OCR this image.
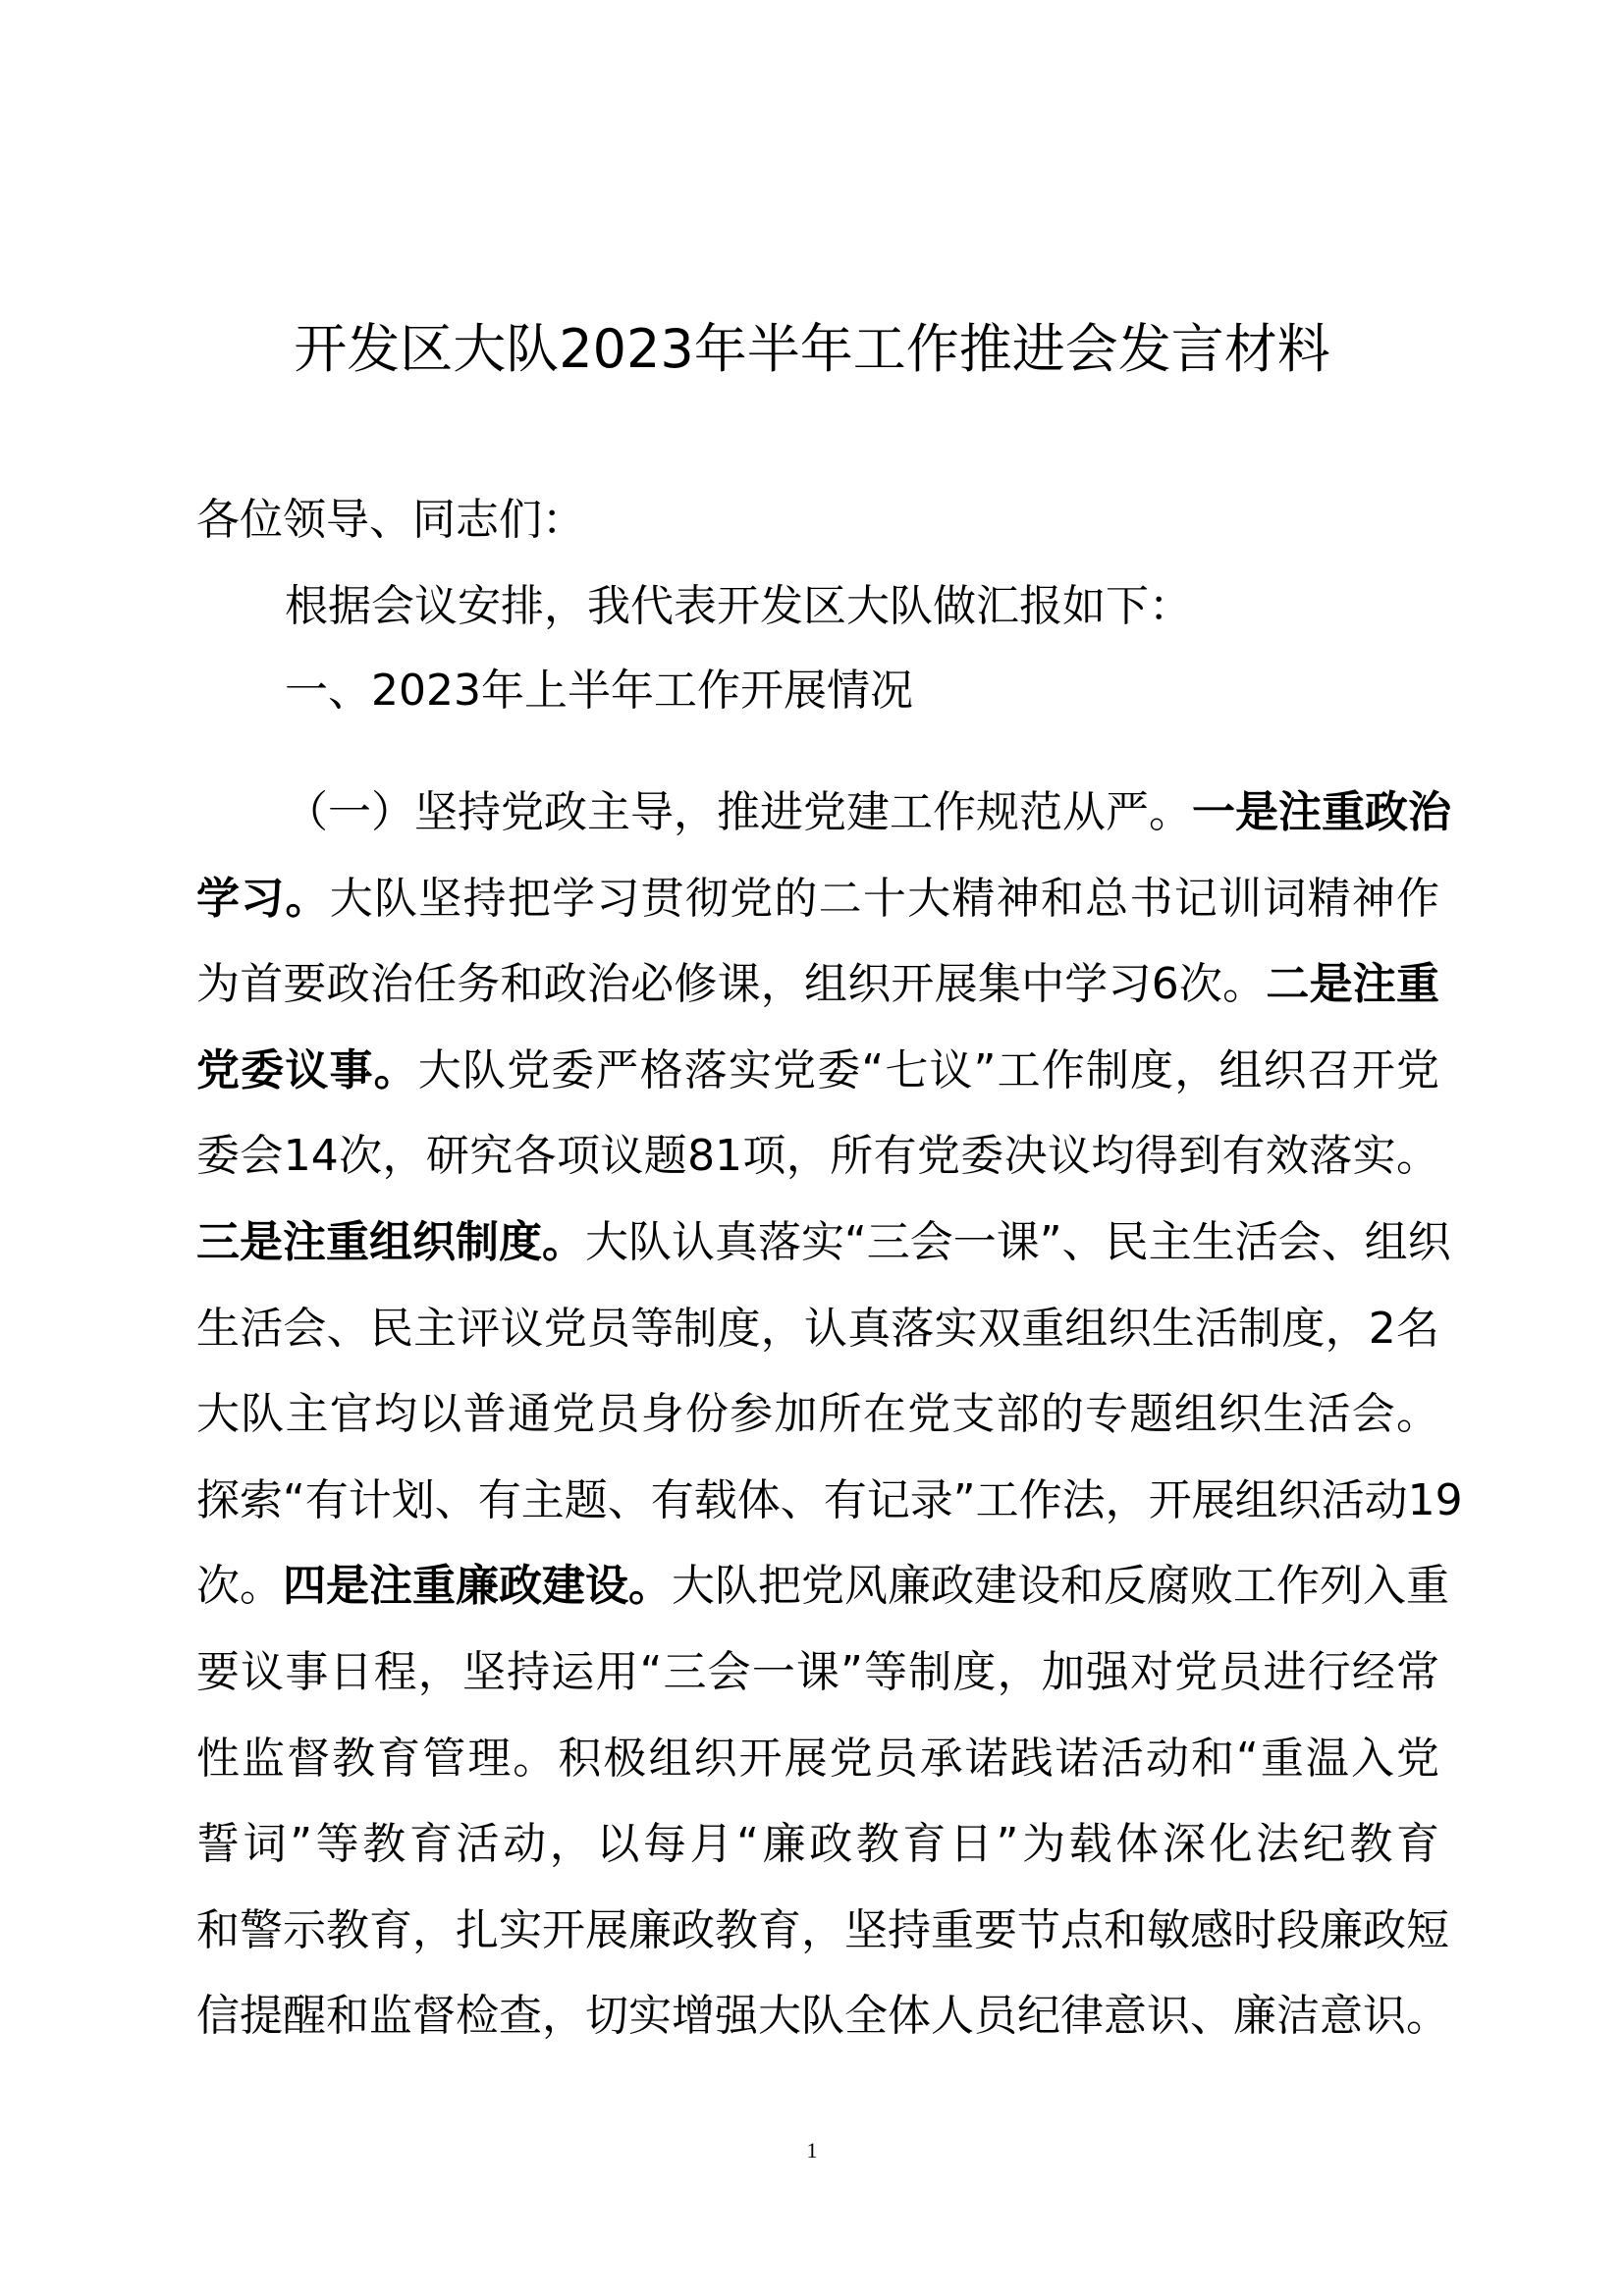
开发区大队2023年半年工作推进会发言材料
各位领导、同志们：
根据会议安排，我代表开发区大队做汇报如下：
一、2023年上半年工作开展情况
（一）坚持党政主导，推进党建工作规范从严。一是注重政治
学习。大队坚持把学习贯彻党的二十大精神和总书记训词精神作
为首要政治任务和政治必修课，组织开展集中学习6次。二是注重
党委议事。大队党委严格落实党委“七议”工作制度，组织召开党
委会14次，研究各项议题81项，所有党委决议均得到有效落实。
三是注重组织制度。大队认真落实“三会一课”、民主生活会、组织
生活会、民主评议党员等制度，认真落实双重组织生活制度，2名
大队主官均以普通党员身份参加所在党支部的专题组织生活会。
探索“有计划、有主题、有载体、有记录”工作法，开展组织活动19
次。四是注重廉政建设。大队把党风廉政建设和反腐败工作列入重
要议事日程，坚持运用“三会一课”等制度，加强对党员进行经常
性监督教育管理。积极组织开展党员承诺践诺活动和“重温入党
誓词”等教育活动，以每月“廉政教育日”为载体深化法纪教育
和警示教育，扎实开展廉政教育，坚持重要节点和敏感时段廉政短
信提醒和监督检查，切实增强大队全体人员纪律意识、廉洁意识。
1
